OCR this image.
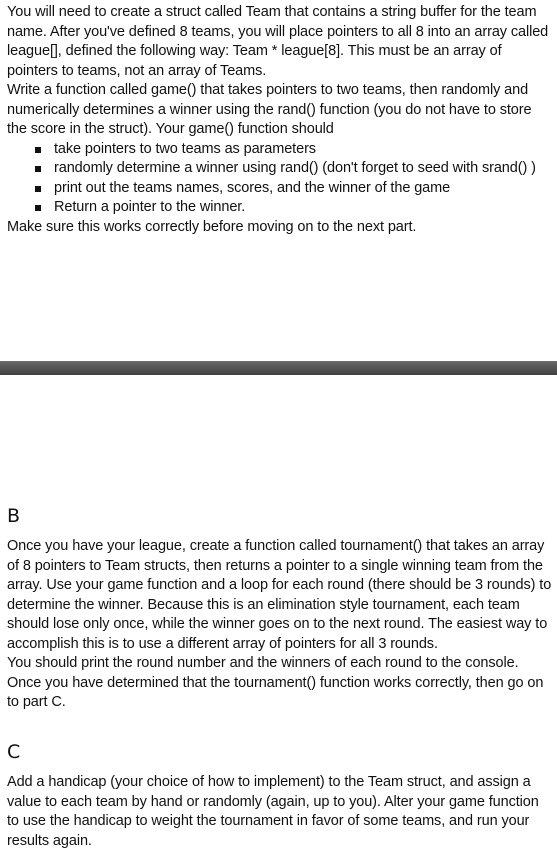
You will need to create a struct called Team that contains a string buffer for the team name. After you've defined 8 teams, you will place pointers to all 8 into an array called league[], defined the following way: Team * league[8]. This must be an array of pointers to teams, not an array of Teams.

Write a function called game() that takes pointers to two teams, then randomly and numerically determines a winner using the rand() function (you do not have to store the score in the struct). Your game() function should

take pointers to two teams as parameters
randomly determine a winner using rand() (don't forget to seed with srand() )
print out the teams names, scores, and the winner of the game
Return a pointer to the winner.

Make sure this works correctly before moving on to the next part.

B

Once you have your league, create a function called tournament() that takes an array of 8 pointers to Team structs, then returns a pointer to a single winning team from the array. Use your game function and a loop for each round (there should be 3 rounds) to determine the winner. Because this is an elimination style tournament, each team should lose only once, while the winner goes on to the next round. The easiest way to accomplish this is to use a different array of pointers for all 3 rounds.

You should print the round number and the winners of each round to the console. Once you have determined that the tournament() function works correctly, then go on to part C.

C

Add a handicap (your choice of how to implement) to the Team struct, and assign a value to each team by hand or randomly (again, up to you). Alter your game function to use the handicap to weight the tournament in favor of some teams, and run your results again.
